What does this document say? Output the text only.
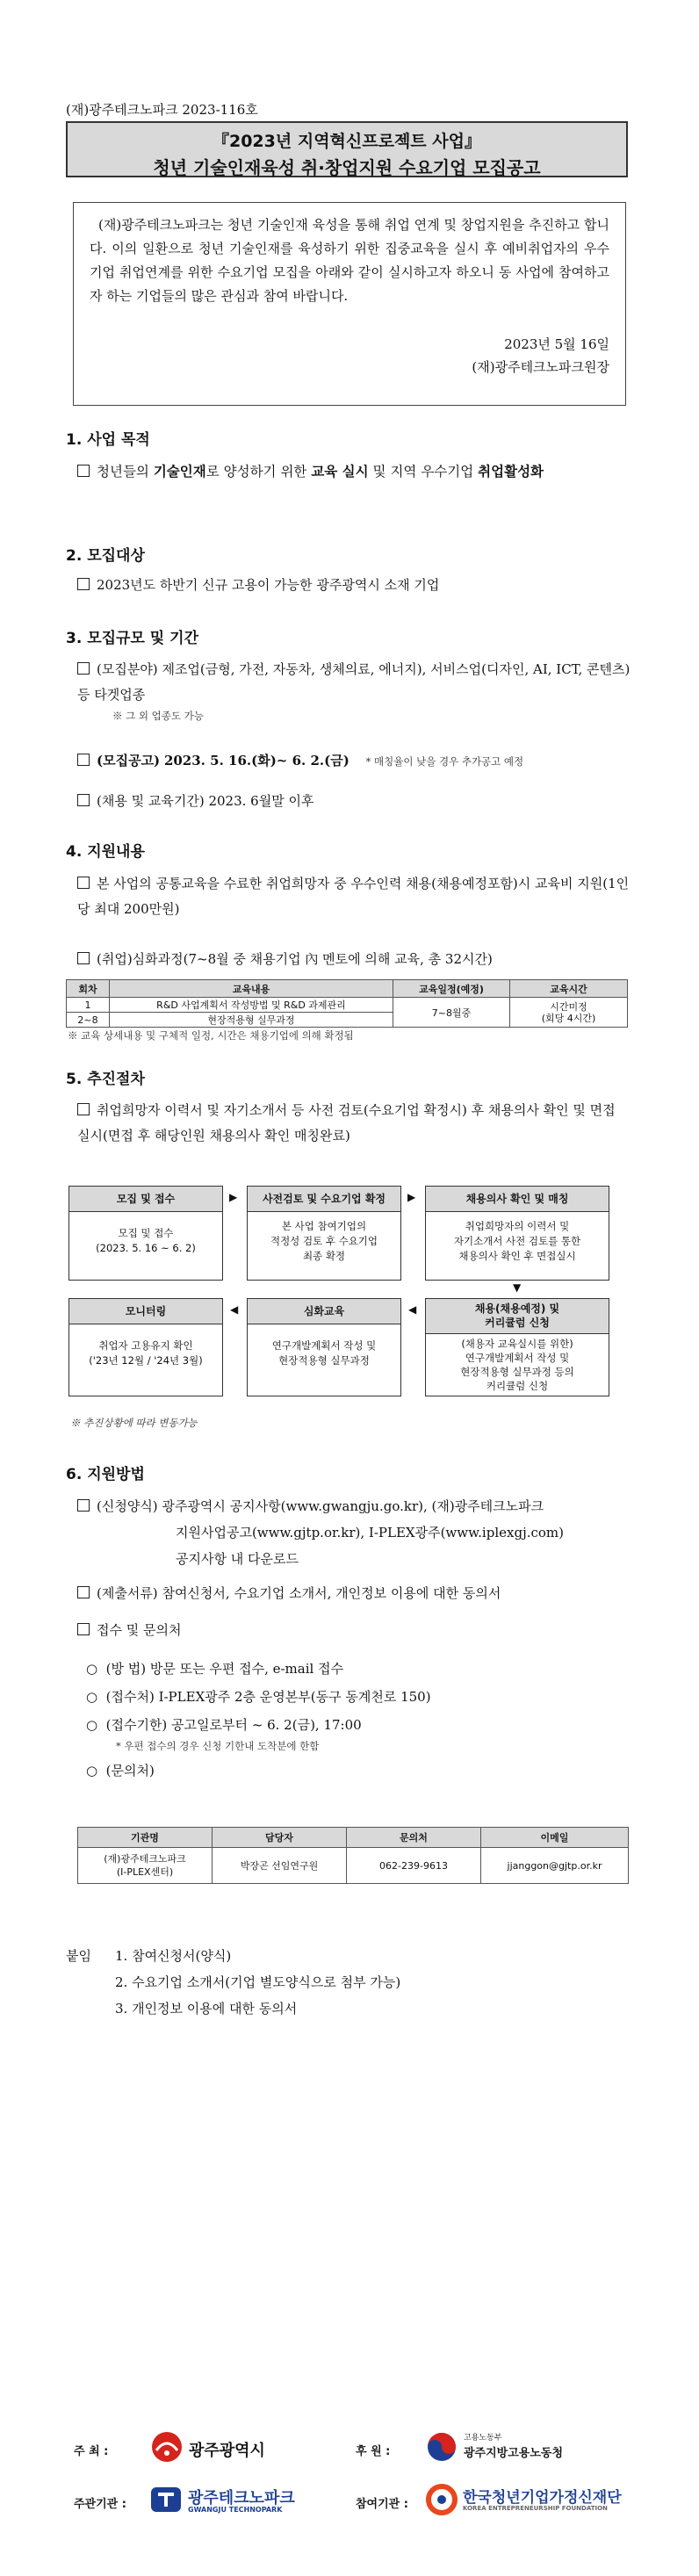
(재)광주테크노파크 2023-116호
『2023년 지역혁신프로젝트 사업』
청년 기술인재육성 취·창업지원 수요기업 모집공고
(재)광주테크노파크는 청년 기술인재 육성을 통해 취업 연계 및 창업지원을 추진하고 합니다. 이의 일환으로 청년 기술인재를 육성하기 위한 집중교육을 실시 후 예비취업자의 우수기업 취업연계를 위한 수요기업 모집을 아래와 같이 실시하고자 하오니 동 사업에 참여하고자 하는 기업들의 많은 관심과 참여 바랍니다.
2023년 5월 16일
(재)광주테크노파크원장
1. 사업 목적
청년들의 기술인재로 양성하기 위한 교육 실시 및 지역 우수기업 취업활성화
2. 모집대상
2023년도 하반기 신규 고용이 가능한 광주광역시 소재 기업
3. 모집규모 및 기간
(모집분야) 제조업(금형, 가전, 자동차, 생체의료, 에너지), 서비스업(디자인, AI, ICT, 콘텐츠) 등 타겟업종
※ 그 외 업종도 가능
(모집공고) 2023. 5. 16.(화)~ 6. 2.(금) * 매칭율이 낮을 경우 추가공고 예정
(채용 및 교육기간) 2023. 6월말 이후
4. 지원내용
본 사업의 공통교육을 수료한 취업희망자 중 우수인력 채용(채용예정포함)시 교육비 지원(1인당 최대 200만원)
(취업)심화과정(7~8월 중 채용기업 內 멘토에 의해 교육, 총 32시간)
회차	교육내용	교육일정(예정)	교육시간
1	R&D 사업계획서 작성방법 및 R&D 과제관리	7~8월중	시간미정
(회당 4시간)

2~8	현장적용형 실무과정		
※ 교육 상세내용 및 구체적 일정, 시간은 채용기업에 의해 확정됨
5. 추진절차
취업희망자 이력서 및 자기소개서 등 사전 검토(수요기업 확정시) 후 채용의사 확인 및 면접 실시(면접 후 해당인원 채용의사 확인 매칭완료)
모집 및 접수
모집 및 접수
(2023. 5. 16 ~ 6. 2)
▶	사전검토 및 수요기업 확정
본 사업 참여기업의
적정성 검토 후 수요기업
최종 확정
▶	채용의사 확인 및 매칭
취업희망자의 이력서 및
자기소개서 사전 검토를 통한
채용의사 확인 후 면접실시
▼
모니터링
취업자 고용유지 확인
('23년 12월 / '24년 3월)
◀	심화교육
연구개발계획서 작성 및
현장적용형 실무과정
◀	채용(채용예정) 및
커리큘럼 신청
(채용자 교육실시를 위한)
연구개발계획서 작성 및
현장적용형 실무과정 등의
커리큘럼 신청
※ 추진상황에 따라 변동가능
6. 지원방법
(신청양식) 광주광역시 공지사항(www.gwangju.go.kr), (재)광주테크노파크
지원사업공고(www.gjtp.or.kr), I-PLEX광주(www.iplexgj.com)
공지사항 내 다운로드
(제출서류) 참여신청서, 수요기업 소개서, 개인정보 이용에 대한 동의서
접수 및 문의처
○  (방 법) 방문 또는 우편 접수, e-mail 접수
○  (접수처) I-PLEX광주 2층 운영본부(동구 동계천로 150)
○  (접수기한) 공고일로부터 ~ 6. 2(금), 17:00
* 우편 접수의 경우 신청 기한내 도착분에 한함
○  (문의처)
기관명	담당자	문의처	이메일

(재)광주테크노파크
(I-PLEX센터)	박장곤 선임연구원	062-239-9613	jjanggon@gjtp.or.kr
붙임 1. 참여신청서(양식)
2. 수요기업 소개서(기업 별도양식으로 첨부 가능)
3. 개인정보 이용에 대한 동의서
주 최 :	광주광역시	후 원 :
고용노동부
광주지방고용노동청
주관기관 :	광주테크노파크
GWANGJU TECHNOPARK	참여기관 :	한국청년기업가정신재단
KOREA ENTREPRENEURSHIP FOUNDATION
